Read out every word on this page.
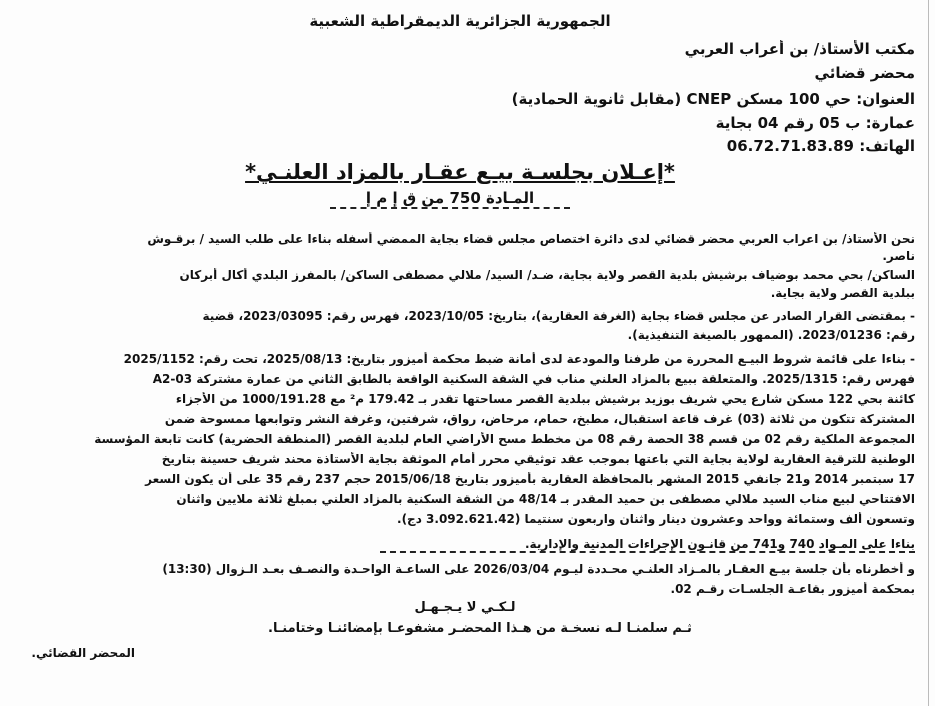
الجمهورية الجزائرية الديمقراطية الشعبية
مكتب الأستاذ/ بن أعراب العربي
محضر قضائي
العنوان: حي 100 مسكن CNEP (مقابل ثانوية الحمادية)
عمارة: ب 05 رقم 04 بجاية
الهاتف: 06.72.71.83.89
*إعـلان بجلسـة بيـع عقـار بالمزاد العلنـي*
المـادة 750 من ق إ م إ
نحن الأستاذ/ بن اعراب العربي محضر قضائي لدى دائرة اختصاص مجلس قضاء بجاية الممضي أسفله بناءا على طلب السيد / برقـوش
ناصر.
الساكن/ بحي محمد بوضياف برشيش بلدية القصر ولاية بجاية، ضـد/ السيد/ ملالي مصطفى الساكن/ بالمفرز البلدي أكال أبركان
ببلدية القصر ولاية بجاية.
- بمقتضى القرار الصادر عن مجلس قضاء بجاية (الغرفة العقارية)، بتاريخ: 2023/10/05، فهرس رقم: 2023/03095، قضية
رقم: 2023/01236. (الممهور بالصيغة التنفيذية).
- بناءا على قائمة شروط البيـع المحررة من طرفنا والمودعة لدى أمانة ضبط محكمة أميزور بتاريخ: 2025/08/13، تحت رقم: 2025/1152
فهرس رقم: 2025/1315. والمتعلقة ببيع بالمزاد العلني مناب في الشقة السكنية الواقعة بالطابق الثاني من عمارة مشتركة A2-03
كائنة بحي 122 مسكن شارع يحي شريف بوزيد برشيش ببلدية القصر مساحتها تقدر بـ 179.42 م² مع 1000/191.28 من الأجزاء
المشتركة تتكون من ثلاثة (03) غرف قاعة استقبال، مطبخ، حمام، مرحاض، رواق، شرفتين، وغرفة النشر وتوابعها ممسوحة ضمن
المجموعة الملكية رقم 02 من قسم 38 الحصة رقم 08 من مخطط مسح الأراضي العام لبلدية القصر (المنطقة الحضرية) كانت تابعة المؤسسة
الوطنية للترقية العقارية لولاية بجاية التي باعتها بموجب عقد توثيقي محرر أمام الموثقة بجاية الأستاذة محند شريف حسينة بتاريخ
17 سبتمبر 2014 و21 جانفي 2015 المشهر بالمحافظة العقارية بأميزور بتاريخ 2015/06/18 حجم 237 رقم 35 على أن يكون السعر
الافتتاحي لبيع مناب السيد ملالي مصطفى بن حميد المقدر بـ 48/14 من الشقة السكنية بالمزاد العلني بمبلغ ثلاثة ملايين واثنان
وتسعون ألف وستمائة وواحد وعشرون دينار واثنان واربعون سنتيما (3.092.621.42 دج).
بناءا على المـواد 740 و741 من قانـون الإجراءات المدنية والإدارية.
و أخطرناه بأن جلسة بيـع العقـار بالمـزاد العلنـي محـددة ليـوم 2026/03/04 على الساعـة الواحـدة والنصـف بعـد الـزوال (13:30)
بمحكمة أميزور بقاعـة الجلسـات رقـم 02.
لـكـي لا يـجـهـل
ثـم سلمنـا لـه نسخـة من هـذا المحضـر مشفوعـا بإمضائنـا وختامنـا.
المحضر القضائي.
